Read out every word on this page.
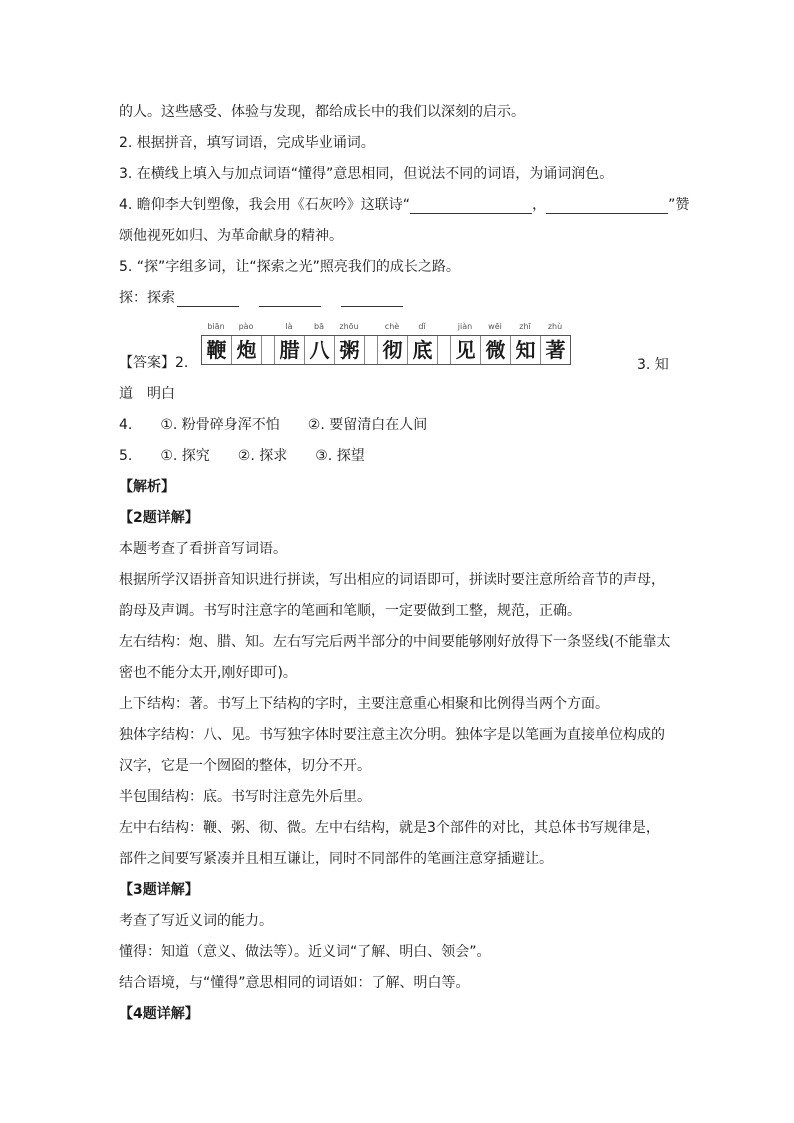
的人。这些感受、体验与发现，都给成长中的我们以深刻的启示。
2. 根据拼音，填写词语，完成毕业诵词。
3. 在横线上填入与加点词语“懂得”意思相同，但说法不同的词语，为诵词润色。
4. 瞻仰李大钊塑像，我会用《石灰吟》这联诗“	，	”赞
颂他视死如归、为革命献身的精神。
5. “探”字组多词，让“探索之光”照亮我们的成长之路。
探：探索
【答案】2.
biān	pào	là	bā	zhōu	chè	dǐ	jiàn	wēi	zhī	zhù
鞭 炮 腊 八 粥 彻 底 见 微 知 著
3. 知
道　明白
4.　　①. 粉骨碎身浑不怕　　②. 要留清白在人间
5.　　①. 探究　　②. 探求　　③. 探望
【解析】
【2题详解】
本题考查了看拼音写词语。
根据所学汉语拼音知识进行拼读，写出相应的词语即可，拼读时要注意所给音节的声母，
韵母及声调。书写时注意字的笔画和笔顺，一定要做到工整，规范，正确。
左右结构：炮、腊、知。左右写完后两半部分的中间要能够刚好放得下一条竖线(不能靠太
密也不能分太开,刚好即可)。
上下结构：著。书写上下结构的字时，主要注意重心相聚和比例得当两个方面。
独体字结构：八、见。书写独字体时要注意主次分明。独体字是以笔画为直接单位构成的
汉字，它是一个囫囵的整体，切分不开。
半包围结构：底。书写时注意先外后里。
左中右结构：鞭、粥、彻、微。左中右结构，就是3个部件的对比，其总体书写规律是，
部件之间要写紧凑并且相互谦让，同时不同部件的笔画注意穿插避让。
【3题详解】
考查了写近义词的能力。
懂得：知道（意义、做法等）。近义词“了解、明白、领会”。
结合语境，与“懂得”意思相同的词语如：了解、明白等。
【4题详解】
